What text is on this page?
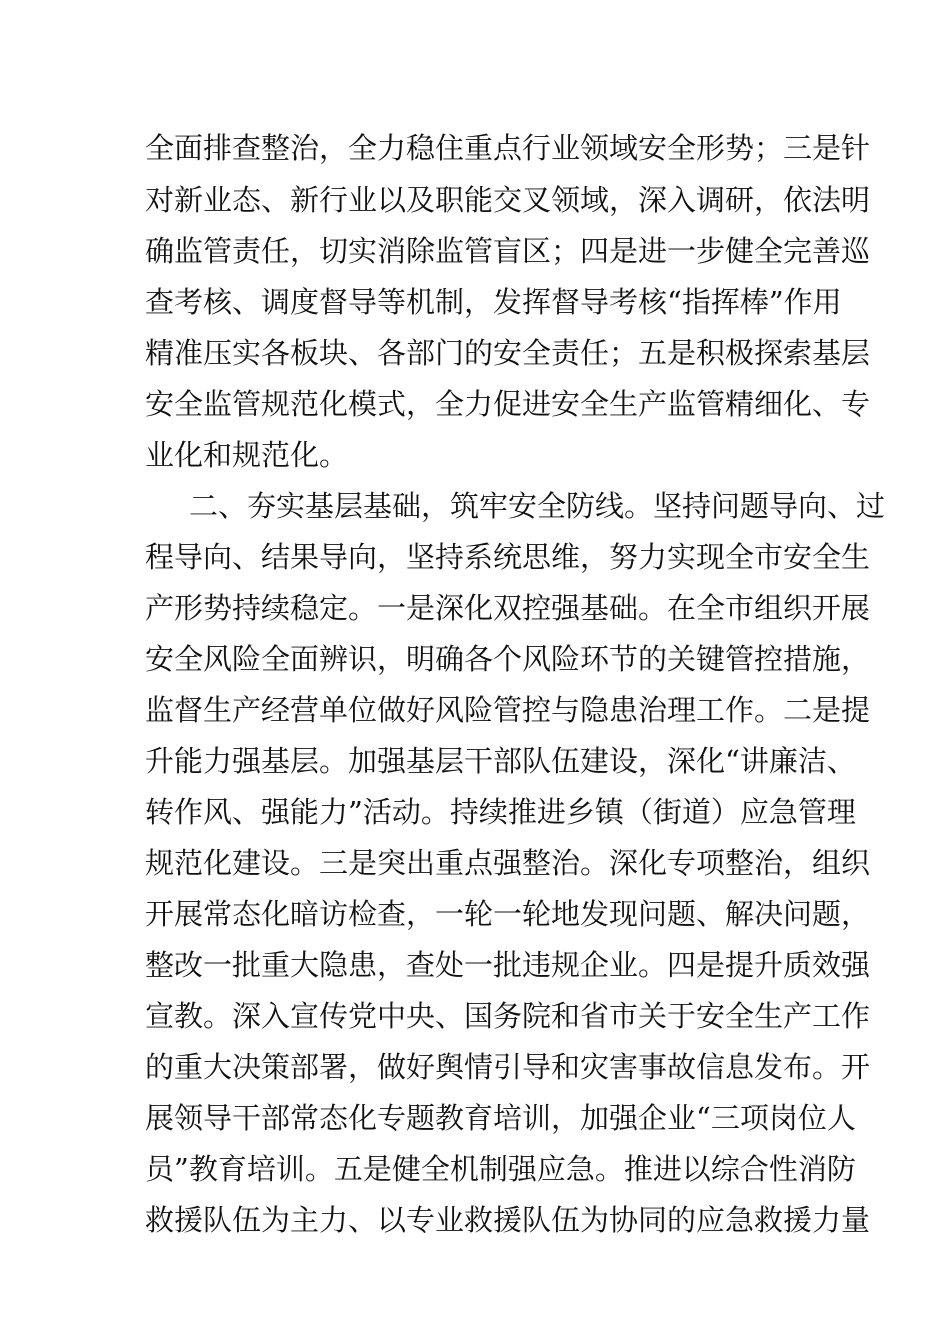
全面排查整治，全力稳住重点行业领域安全形势；三是针
对新业态、新行业以及职能交叉领域，深入调研，依法明
确监管责任，切实消除监管盲区；四是进一步健全完善巡
查考核、调度督导等机制，发挥督导考核“指挥棒”作用
精准压实各板块、各部门的安全责任；五是积极探索基层
安全监管规范化模式，全力促进安全生产监管精细化、专
业化和规范化。
二、夯实基层基础，筑牢安全防线。坚持问题导向、过
程导向、结果导向，坚持系统思维，努力实现全市安全生
产形势持续稳定。一是深化双控强基础。在全市组织开展
安全风险全面辨识，明确各个风险环节的关键管控措施，
监督生产经营单位做好风险管控与隐患治理工作。二是提
升能力强基层。加强基层干部队伍建设，深化“讲廉洁、
转作风、强能力”活动。持续推进乡镇（街道）应急管理
规范化建设。三是突出重点强整治。深化专项整治，组织
开展常态化暗访检查，一轮一轮地发现问题、解决问题，
整改一批重大隐患，查处一批违规企业。四是提升质效强
宣教。深入宣传党中央、国务院和省市关于安全生产工作
的重大决策部署，做好舆情引导和灾害事故信息发布。开
展领导干部常态化专题教育培训，加强企业“三项岗位人
员”教育培训。五是健全机制强应急。推进以综合性消防
救援队伍为主力、以专业救援队伍为协同的应急救援力量
